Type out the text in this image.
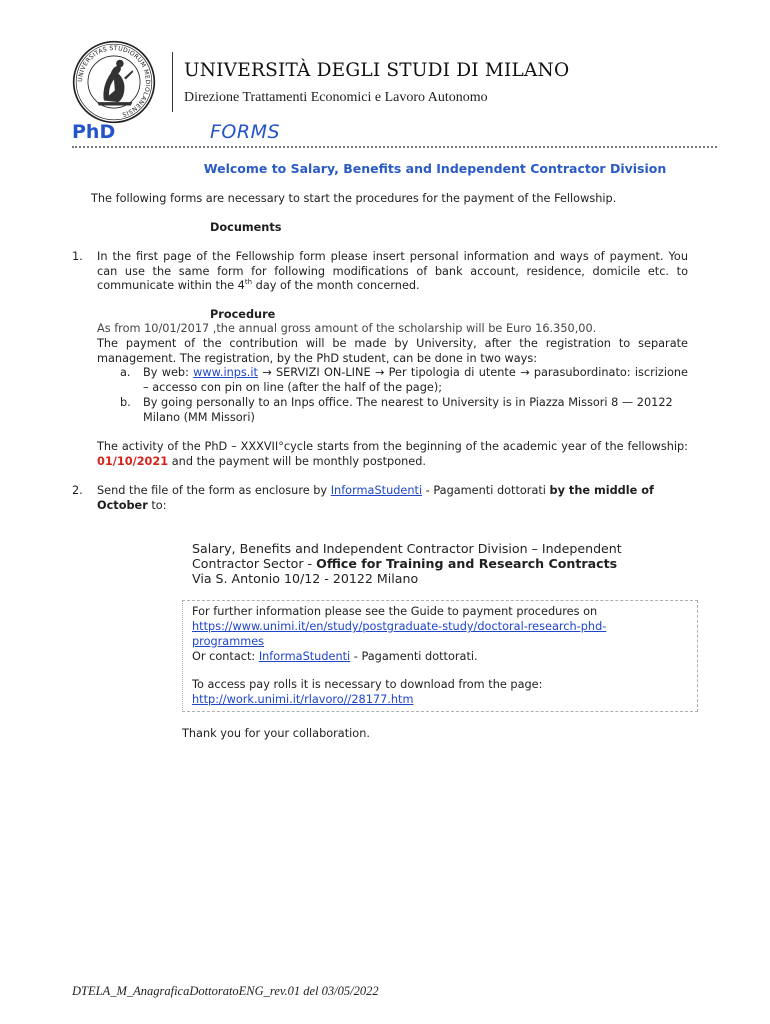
UNIVERSITAS STUDIORUM MEDIOLANENSIS
UNIVERSITÀ DEGLI STUDI DI MILANO
Direzione Trattamenti Economici e Lavoro Autonomo
PhD	FORMS
Welcome to Salary, Benefits and Independent Contractor Division
The following forms are necessary to start the procedures for the payment of the Fellowship.
Documents
1. In the first page of the Fellowship form please insert personal information and ways of payment. You can use the same form for following modifications of bank account, residence, domicile etc. to communicate within the 4th day of the month concerned.
Procedure
As from 10/01/2017 ,the annual gross amount of the scholarship will be Euro 16.350,00.
The payment of the contribution will be made by University, after the registration to separate management. The registration, by the PhD student, can be done in two ways:
a. By web: www.inps.it → SERVIZI ON-LINE → Per tipologia di utente → parasubordinato: iscrizione – accesso con pin on line (after the half of the page);
b. By going personally to an Inps office. The nearest to University is in Piazza Missori 8 — 20122 Milano (MM Missori)
The activity of the PhD – XXXVII°cycle starts from the beginning of the academic year of the fellowship: 01/10/2021 and the payment will be monthly postponed.
2. Send the file of the form as enclosure by InformaStudenti - Pagamenti dottorati by the middle of
October to:
Salary, Benefits and Independent Contractor Division – Independent
Contractor Sector - Office for Training and Research Contracts
Via S. Antonio 10/12 - 20122 Milano
For further information please see the Guide to payment procedures on
https://www.unimi.it/en/study/postgraduate-study/doctoral-research-phd-
programmes
Or contact: InformaStudenti - Pagamenti dottorati.
To access pay rolls it is necessary to download from the page:
http://work.unimi.it/rlavoro//28177.htm
Thank you for your collaboration.
DTELA_M_AnagraficaDottoratoENG_rev.01 del 03/05/2022
